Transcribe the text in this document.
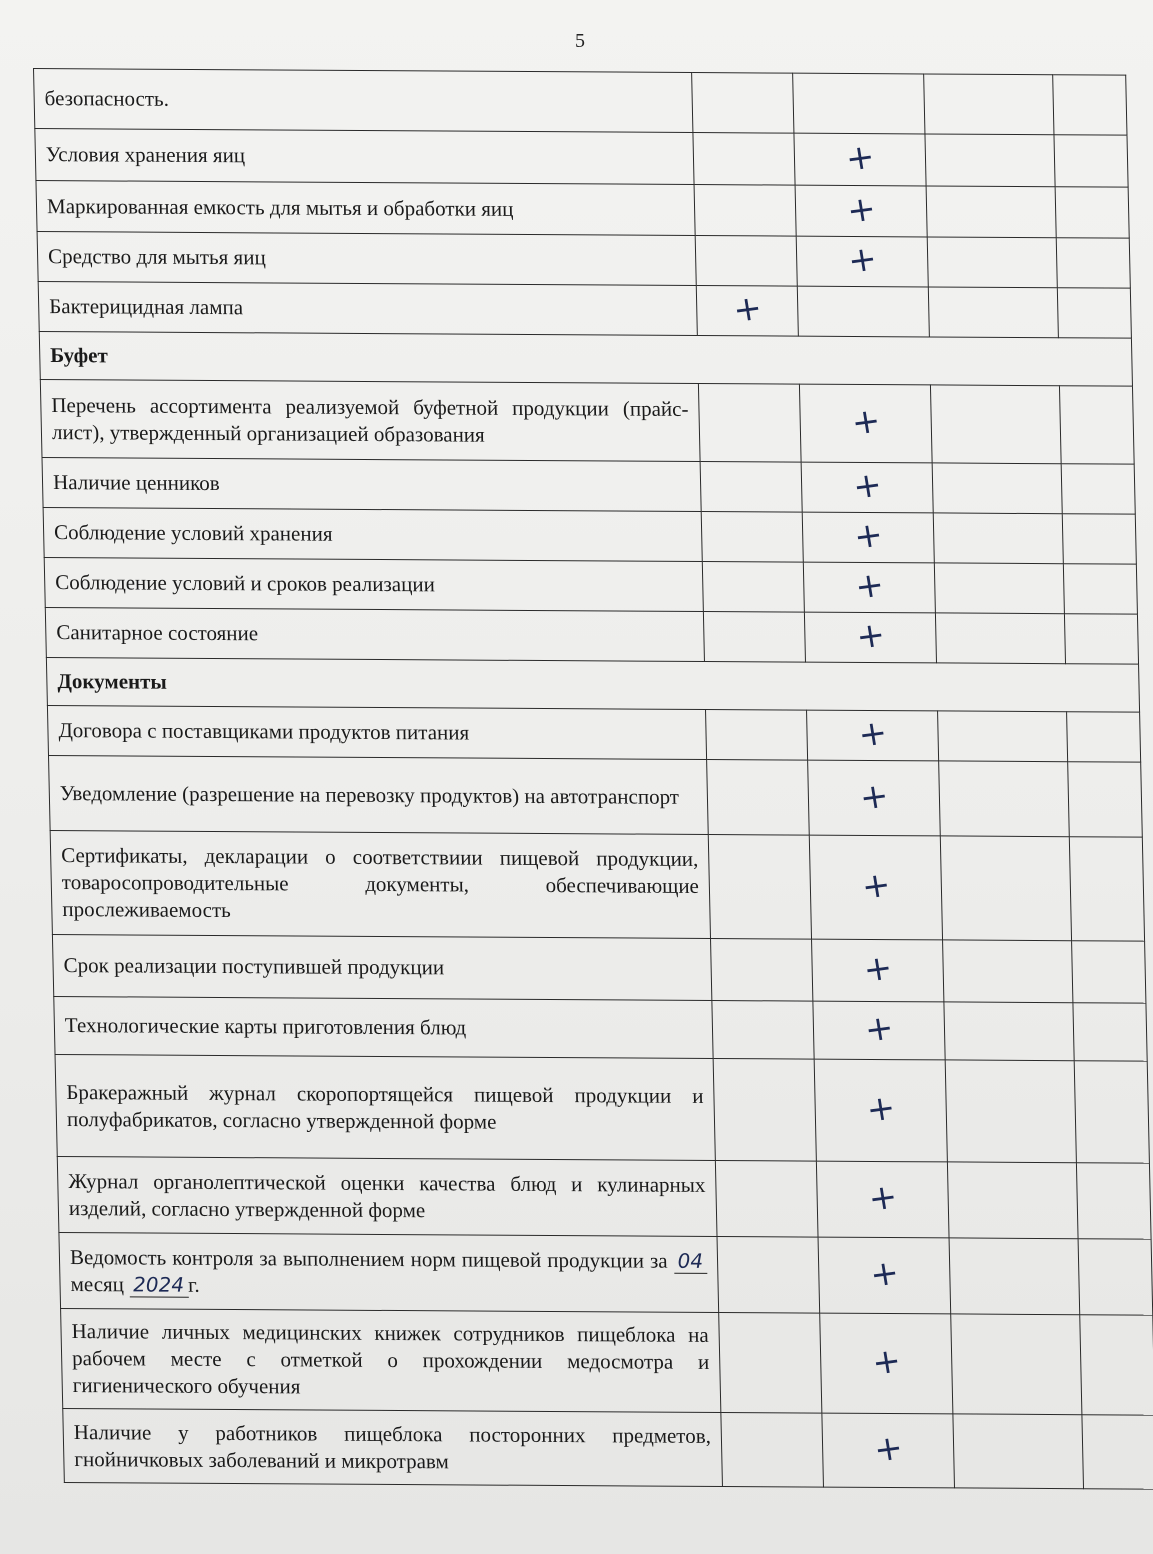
5
безопасность.				
Условия хранения яиц		+		
Маркированная емкость для мытья и обработки яиц		+		
Средство для мытья яиц		+		
Бактерицидная лампа	+			
Буфет				
Перечень ассортимента реализуемой буфетной продукции (прайс-лист), утвержденный организацией образования		+		
Наличие ценников		+		
Соблюдение условий хранения		+		
Соблюдение условий и сроков реализации		+		
Санитарное состояние		+		
Документы				
Договора с поставщиками продуктов питания		+		
Уведомление (разрешение на перевозку продуктов) на автотранспорт		+		
Сертификаты, декларации о соответствиии пищевой продукции, товаросопроводительные документы, обеспечивающие прослеживаемость		+		
Срок реализации поступившей продукции		+		
Технологические карты приготовления блюд		+		
Бракеражный журнал скоропортящейся пищевой продукции и полуфабрикатов, согласно утвержденной форме		+		
Журнал органолептической оценки качества блюд и кулинарных изделий, согласно утвержденной форме		+		
Ведомость контроля за выполнением норм пищевой продукции за 04 месяц 2024 г.		+		
Наличие личных медицинских книжек сотрудников пищеблока на рабочем месте с отметкой о прохождении медосмотра и гигиенического обучения		+		
Наличие у работников пищеблока посторонних предметов, гнойничковых заболеваний и микротравм		+		
